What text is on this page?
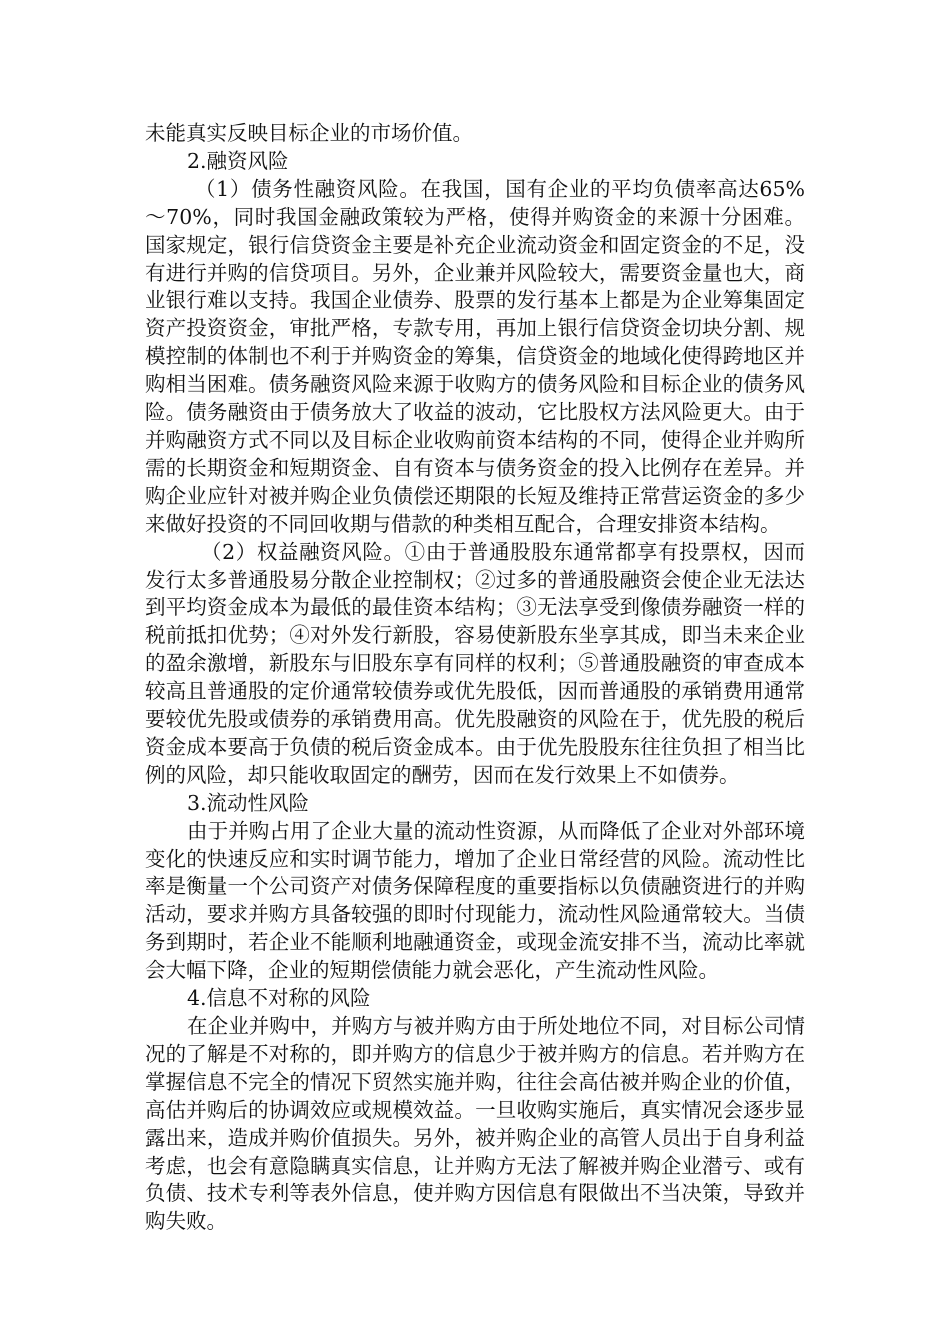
未能真实反映目标企业的市场价值。

2.融资风险

（1）债务性融资风险。在我国，国有企业的平均负债率高达65%～70%，同时我国金融政策较为严格，使得并购资金的来源十分困难。国家规定，银行信贷资金主要是补充企业流动资金和固定资金的不足，没有进行并购的信贷项目。另外，企业兼并风险较大，需要资金量也大，商业银行难以支持。我国企业债券、股票的发行基本上都是为企业筹集固定资产投资资金，审批严格，专款专用，再加上银行信贷资金切块分割、规模控制的体制也不利于并购资金的筹集，信贷资金的地域化使得跨地区并购相当困难。债务融资风险来源于收购方的债务风险和目标企业的债务风险。债务融资由于债务放大了收益的波动，它比股权方法风险更大。由于并购融资方式不同以及目标企业收购前资本结构的不同，使得企业并购所需的长期资金和短期资金、自有资本与债务资金的投入比例存在差异。并购企业应针对被并购企业负债偿还期限的长短及维持正常营运资金的多少来做好投资的不同回收期与借款的种类相互配合，合理安排资本结构。

（2）权益融资风险。①由于普通股股东通常都享有投票权，因而发行太多普通股易分散企业控制权；②过多的普通股融资会使企业无法达到平均资金成本为最低的最佳资本结构；③无法享受到像债券融资一样的税前抵扣优势；④对外发行新股，容易使新股东坐享其成，即当未来企业的盈余激增，新股东与旧股东享有同样的权利；⑤普通股融资的审查成本较高且普通股的定价通常较债券或优先股低，因而普通股的承销费用通常要较优先股或债券的承销费用高。优先股融资的风险在于，优先股的税后资金成本要高于负债的税后资金成本。由于优先股股东往往负担了相当比例的风险，却只能收取固定的酬劳，因而在发行效果上不如债券。

3.流动性风险

由于并购占用了企业大量的流动性资源，从而降低了企业对外部环境变化的快速反应和实时调节能力，增加了企业日常经营的风险。流动性比率是衡量一个公司资产对债务保障程度的重要指标以负债融资进行的并购活动，要求并购方具备较强的即时付现能力，流动性风险通常较大。当债务到期时，若企业不能顺利地融通资金，或现金流安排不当，流动比率就会大幅下降，企业的短期偿债能力就会恶化，产生流动性风险。

4.信息不对称的风险

在企业并购中，并购方与被并购方由于所处地位不同，对目标公司情况的了解是不对称的，即并购方的信息少于被并购方的信息。若并购方在掌握信息不完全的情况下贸然实施并购，往往会高估被并购企业的价值，高估并购后的协调效应或规模效益。一旦收购实施后，真实情况会逐步显露出来，造成并购价值损失。另外，被并购企业的高管人员出于自身利益考虑，也会有意隐瞒真实信息，让并购方无法了解被并购企业潜亏、或有负债、技术专利等表外信息，使并购方因信息有限做出不当决策，导致并购失败。
